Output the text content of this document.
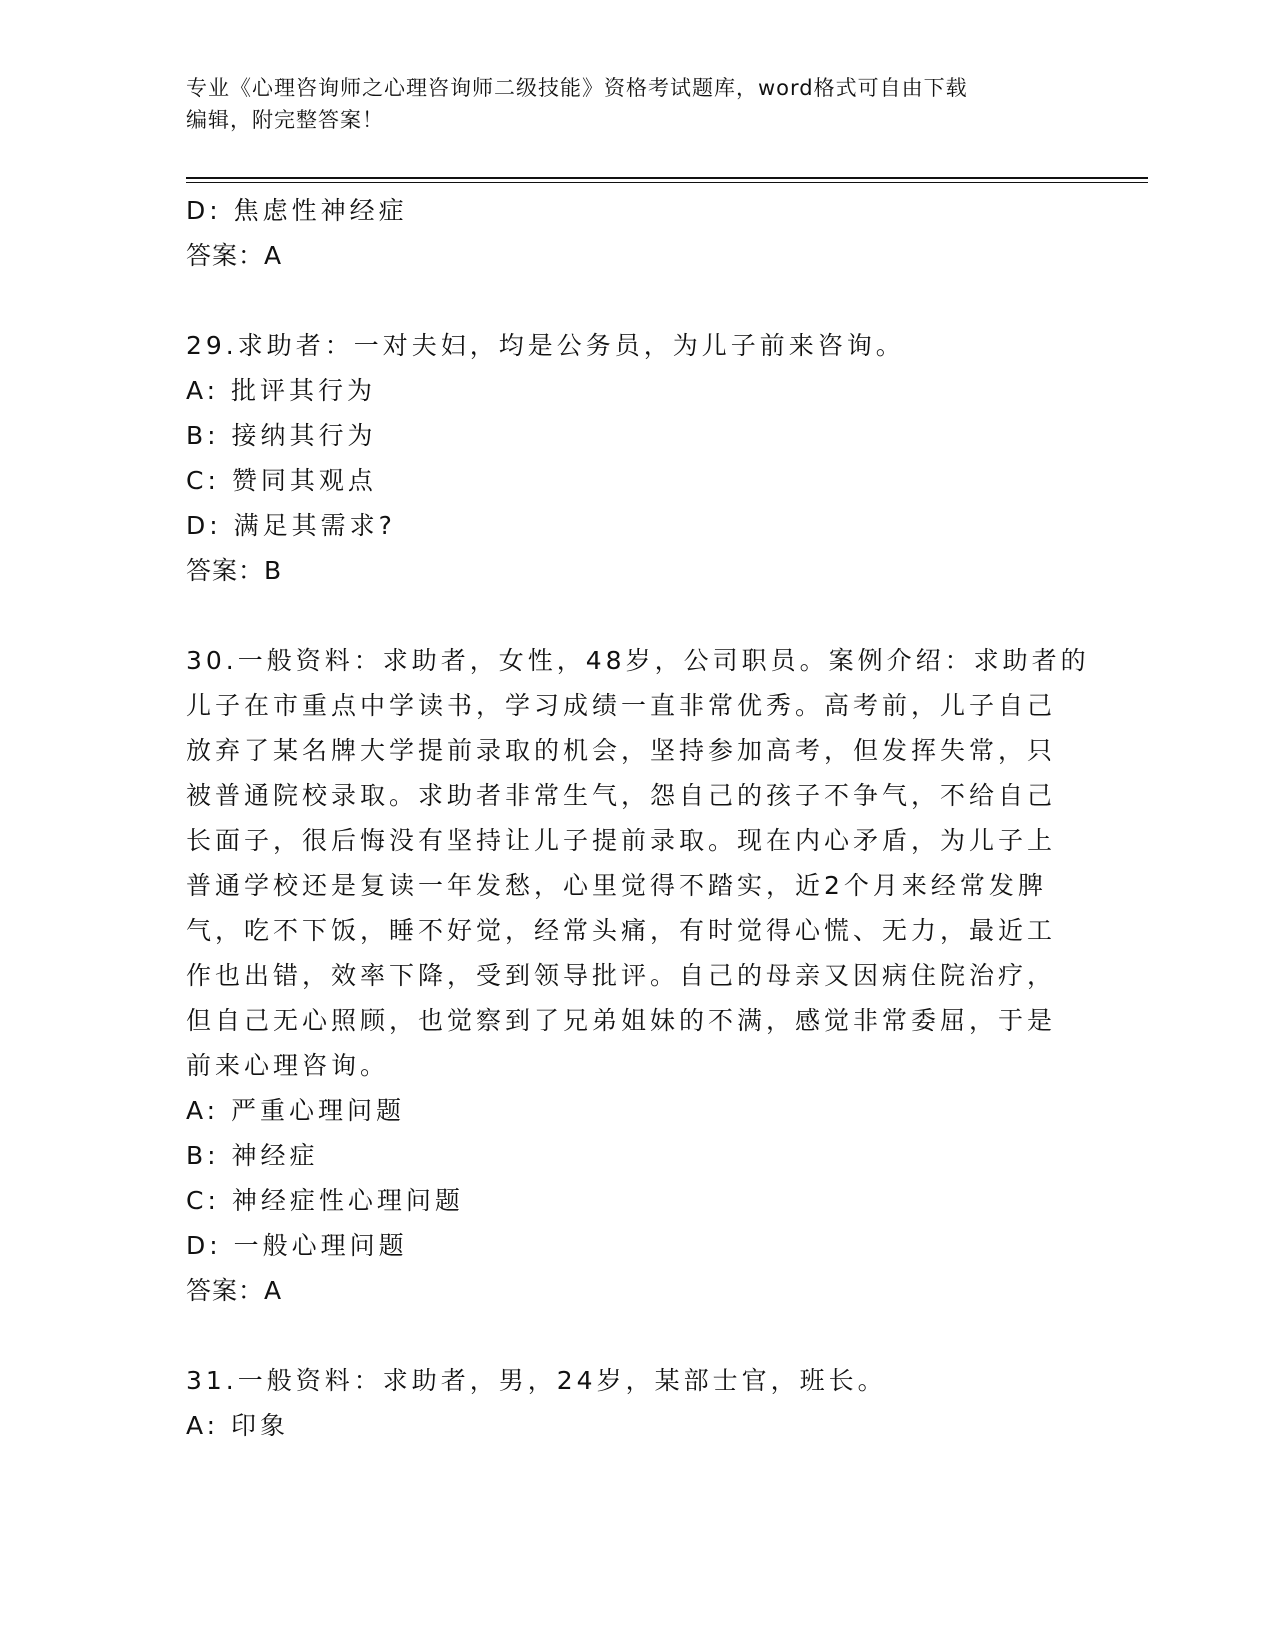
专业《心理咨询师之心理咨询师二级技能》资格考试题库，word格式可自由下载
编辑，附完整答案！
D: 焦虑性神经症
答案：A
29.求助者：一对夫妇，均是公务员，为儿子前来咨询。
A: 批评其行为
B: 接纳其行为
C: 赞同其观点
D: 满足其需求?
答案：B
30.一般资料：求助者，女性，48岁，公司职员。案例介绍：求助者的
儿子在市重点中学读书，学习成绩一直非常优秀。高考前，儿子自己
放弃了某名牌大学提前录取的机会，坚持参加高考，但发挥失常，只
被普通院校录取。求助者非常生气，怨自己的孩子不争气，不给自己
长面子，很后悔没有坚持让儿子提前录取。现在内心矛盾，为儿子上
普通学校还是复读一年发愁，心里觉得不踏实，近2个月来经常发脾
气，吃不下饭，睡不好觉，经常头痛，有时觉得心慌、无力，最近工
作也出错，效率下降，受到领导批评。自己的母亲又因病住院治疗，
但自己无心照顾，也觉察到了兄弟姐妹的不满，感觉非常委屈，于是
前来心理咨询。
A: 严重心理问题
B: 神经症
C: 神经症性心理问题
D: 一般心理问题
答案：A
31.一般资料：求助者，男，24岁，某部士官，班长。
A: 印象
